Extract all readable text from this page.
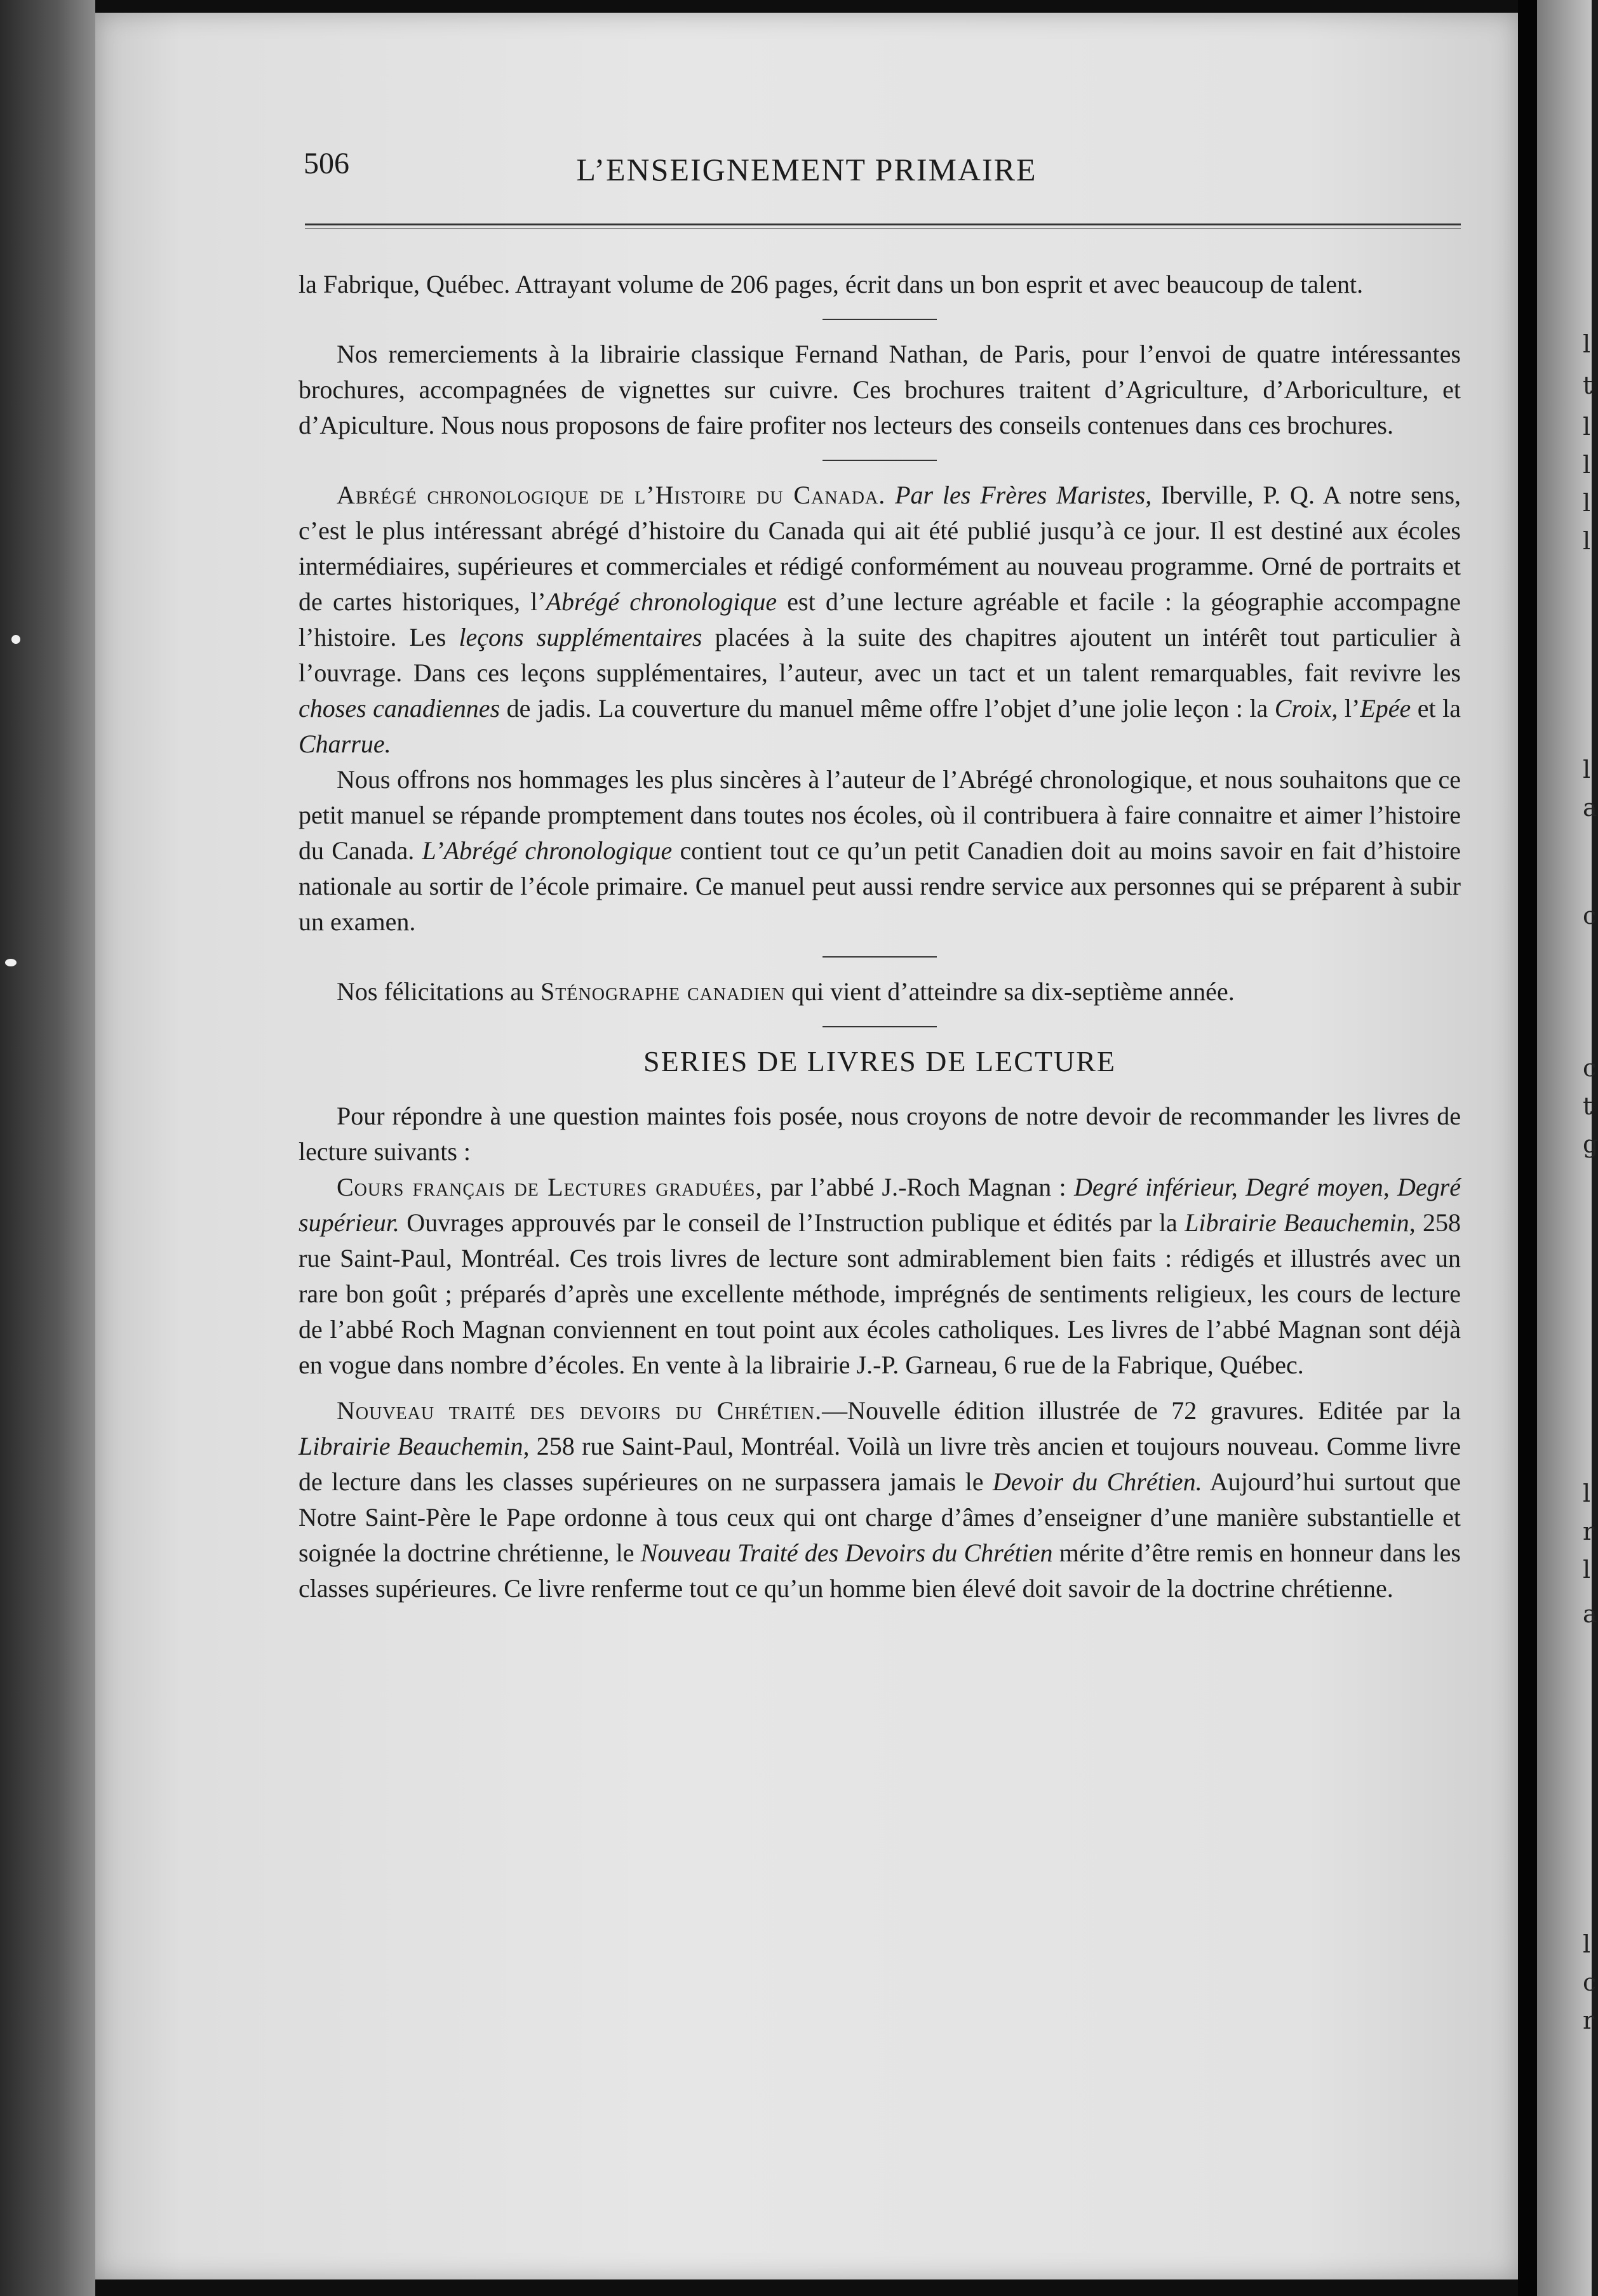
l
t
l
l
l
l
l
a
c
c
t
g
l
r
l
a
l
c
r
506	L’ENSEIGNEMENT PRIMAIRE

la Fabrique, Québec. Attrayant volume de 206 pages, écrit dans un bon esprit et avec beaucoup de talent.

Nos remerciements à la librairie classique Fernand Nathan, de Paris, pour l’envoi de quatre intéressantes brochures, accompagnées de vignettes sur cuivre. Ces brochures traitent d’Agriculture, d’Arboriculture, et d’Apiculture. Nous nous proposons de faire profiter nos lecteurs des conseils contenues dans ces brochures.

Abrégé chronologique de l’Histoire du Canada. Par les Frères Maristes, Iberville, P. Q. A notre sens, c’est le plus intéressant abrégé d’histoire du Canada qui ait été publié jusqu’à ce jour. Il est destiné aux écoles intermédiaires, supérieures et commerciales et rédigé conformément au nouveau programme. Orné de portraits et de cartes historiques, l’Abrégé chronologique est d’une lecture agréable et facile : la géographie accompagne l’histoire. Les leçons supplémentaires placées à la suite des chapitres ajoutent un intérêt tout particulier à l’ouvrage. Dans ces leçons supplémentaires, l’auteur, avec un tact et un talent remarquables, fait revivre les choses canadiennes de jadis. La couverture du manuel même offre l’objet d’une jolie leçon : la Croix, l’Epée et la Charrue.

Nous offrons nos hommages les plus sincères à l’auteur de l’Abrégé chronologique, et nous souhaitons que ce petit manuel se répande promptement dans toutes nos écoles, où il contribuera à faire connaitre et aimer l’histoire du Canada. L’Abrégé chronologique contient tout ce qu’un petit Canadien doit au moins savoir en fait d’histoire nationale au sortir de l’école primaire. Ce manuel peut aussi rendre service aux personnes qui se préparent à subir un examen.

Nos félicitations au Sténographe canadien qui vient d’atteindre sa dix-septième année.

SERIES DE LIVRES DE LECTURE

Pour répondre à une question maintes fois posée, nous croyons de notre devoir de recommander les livres de lecture suivants :

Cours français de Lectures graduées, par l’abbé J.-Roch Magnan : Degré inférieur, Degré moyen, Degré supérieur. Ouvrages approuvés par le conseil de l’Instruction publique et édités par la Librairie Beauchemin, 258 rue Saint-Paul, Montréal. Ces trois livres de lecture sont admirablement bien faits : rédigés et illustrés avec un rare bon goût ; préparés d’après une excellente méthode, imprégnés de sentiments religieux, les cours de lecture de l’abbé Roch Magnan conviennent en tout point aux écoles catholiques. Les livres de l’abbé Magnan sont déjà en vogue dans nombre d’écoles. En vente à la librairie J.-P. Garneau, 6 rue de la Fabrique, Québec.

Nouveau traité des devoirs du Chrétien.—Nouvelle édition illustrée de 72 gravures. Editée par la Librairie Beauchemin, 258 rue Saint-Paul, Montréal. Voilà un livre très ancien et toujours nouveau. Comme livre de lecture dans les classes supérieures on ne surpassera jamais le Devoir du Chrétien. Aujourd’hui surtout que Notre Saint-Père le Pape ordonne à tous ceux qui ont charge d’âmes d’enseigner d’une manière substantielle et soignée la doctrine chrétienne, le Nouveau Traité des Devoirs du Chrétien mérite d’être remis en honneur dans les classes supérieures. Ce livre renferme tout ce qu’un homme bien élevé doit savoir de la doctrine chrétienne.
